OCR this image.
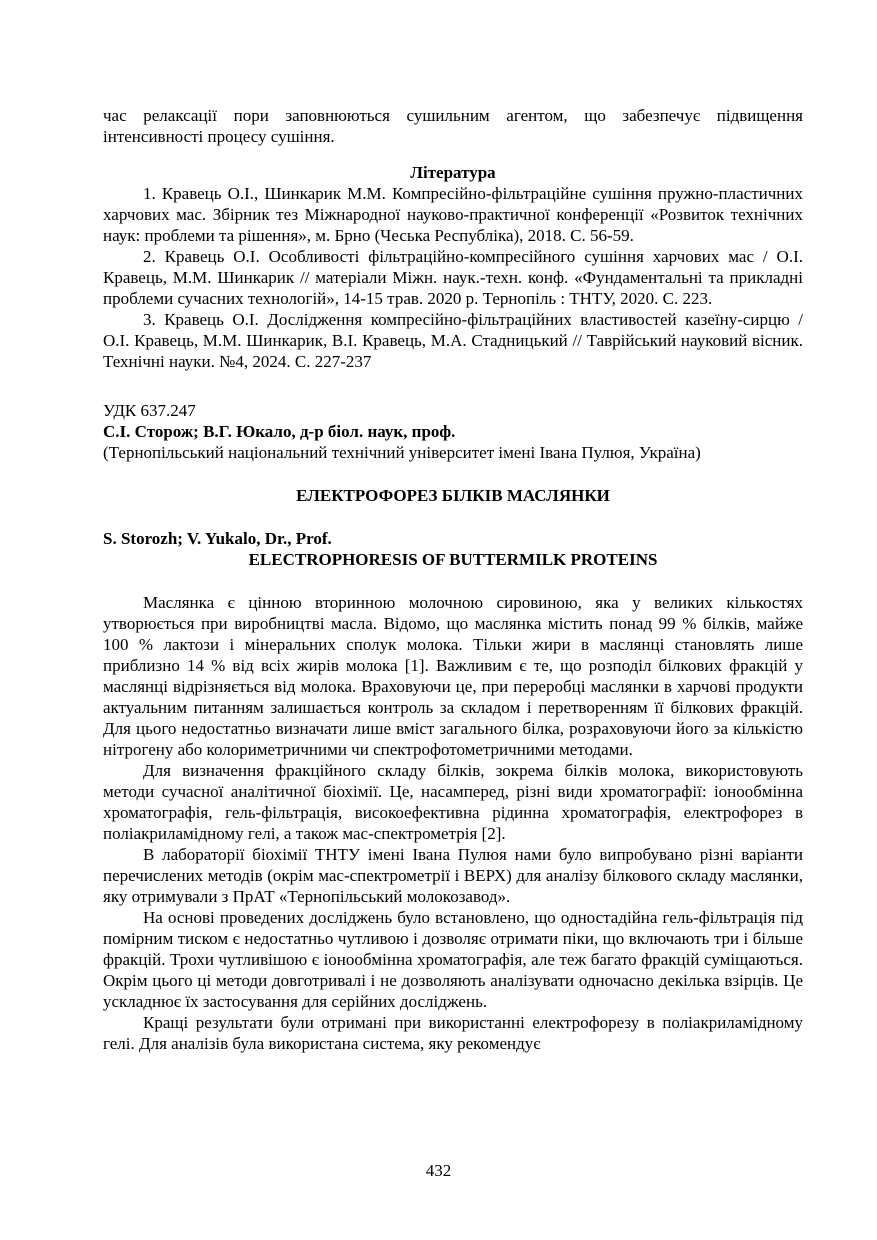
час релаксації пори заповнюються сушильним агентом, що забезпечує підвищення інтенсивності процесу сушіння.

Література

1. Кравець О.І., Шинкарик М.М. Компресійно-фільтраційне сушіння пружно-пластичних харчових мас. Збірник тез Міжнародної науково-практичної конференції «Розвиток технічних наук: проблеми та рішення», м. Брно (Чеська Республіка), 2018. С. 56-59.

2. Кравець О.І. Особливості фільтраційно-компресійного сушіння харчових мас / О.І. Кравець, М.М. Шинкарик // матеріали Міжн. наук.-техн. конф. «Фундаментальні та прикладні проблеми сучасних технологій», 14-15 трав. 2020 р. Тернопіль : ТНТУ, 2020. С. 223.

3. Кравець О.І. Дослідження компресійно-фільтраційних властивостей казеїну-сирцю / О.І. Кравець, М.М. Шинкарик, В.І. Кравець, М.А. Стадницький // Таврійський науковий вісник. Технічні науки. №4, 2024. С. 227-237

УДК 637.247

С.І. Сторож; В.Г. Юкало, д-р біол. наук, проф.

(Тернопільський національний технічний університет імені Івана Пулюя, Україна)

ЕЛЕКТРОФОРЕЗ БІЛКІВ МАСЛЯНКИ

S. Storozh; V. Yukalo, Dr., Prof.

ELECTROPHORESIS OF BUTTERMILK PROTEINS

Маслянка є цінною вторинною молочною сировиною, яка у великих кількостях утворюється при виробництві масла. Відомо, що маслянка містить понад 99 % білків, майже 100 % лактози і мінеральних сполук молока. Тільки жири в маслянці становлять лише приблизно 14 % від всіх жирів молока [1]. Важливим є те, що розподіл білкових фракцій у маслянці відрізняється від молока. Враховуючи це, при переробці маслянки в харчові продукти актуальним питанням залишається контроль за складом і перетворенням її білкових фракцій. Для цього недостатньо визначати лише вміст загального білка, розраховуючи його за кількістю нітрогену або колориметричними чи спектрофотометричними методами.

Для визначення фракційного складу білків, зокрема білків молока, використовують методи сучасної аналітичної біохімії. Це, насамперед, різні види хроматографії: іонообмінна хроматографія, гель-фільтрація, високоефективна рідинна хроматографія, електрофорез в поліакриламідному гелі, а також мас-спектрометрія [2].

В лабораторії біохімії ТНТУ імені Івана Пулюя нами було випробувано різні варіанти перечислених методів (окрім мас-спектрометрії і ВЕРХ) для аналізу білкового складу маслянки, яку отримували з ПрАТ «Тернопільський молокозавод».

На основі проведених досліджень було встановлено, що одностадійна гель-фільтрація під помірним тиском є недостатньо чутливою і дозволяє отримати піки, що включають три і більше фракцій. Трохи чутливішою є іонообмінна хроматографія, але теж багато фракцій суміщаються. Окрім цього ці методи довготривалі і не дозволяють аналізувати одночасно декілька взірців. Це ускладнює їх застосування для серійних досліджень.

Кращі результати були отримані при використанні електрофорезу в поліакриламідному гелі. Для аналізів була використана система, яку рекомендує

432
